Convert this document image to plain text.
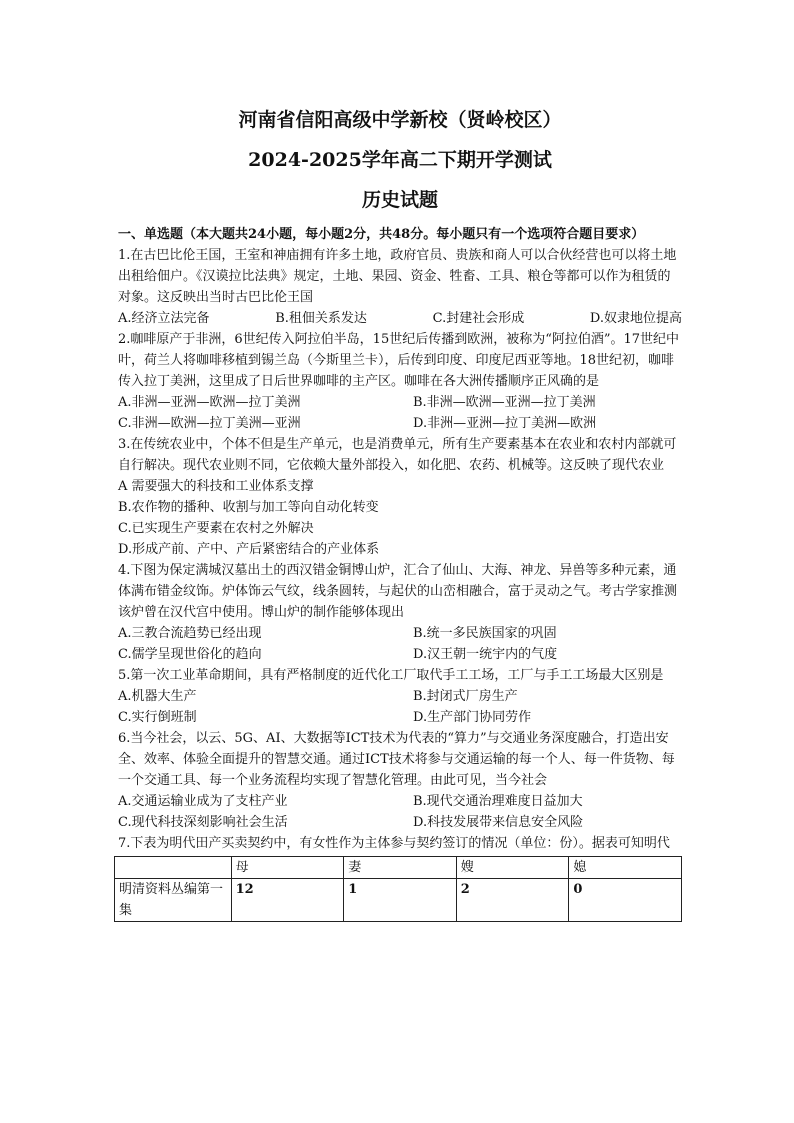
河南省信阳高级中学新校（贤岭校区）
2024-2025学年高二下期开学测试
历史试题
一、单选题（本大题共24小题，每小题2分，共48分。每小题只有一个选项符合题目要求）
1.在古巴比伦王国，王室和神庙拥有许多土地，政府官员、贵族和商人可以合伙经营也可以将土地出租给佃户。《汉谟拉比法典》规定，土地、果园、资金、牲畜、工具、粮仓等都可以作为租赁的对象。这反映出当时古巴比伦王国
A.经济立法完备	B.租佃关系发达	C.封建社会形成	D.奴隶地位提高
2.咖啡原产于非洲，6世纪传入阿拉伯半岛，15世纪后传播到欧洲，被称为“阿拉伯酒”。17世纪中叶，荷兰人将咖啡移植到锡兰岛（今斯里兰卡），后传到印度、印度尼西亚等地。18世纪初，咖啡传入拉丁美洲，这里成了日后世界咖啡的主产区。咖啡在各大洲传播顺序正风确的是
A.非洲—亚洲—欧洲—拉丁美洲	B.非洲—欧洲—亚洲—拉丁美洲
C.非洲—欧洲—拉丁美洲—亚洲	D.非洲—亚洲—拉丁美洲—欧洲
3.在传统农业中，个体不但是生产单元，也是消费单元，所有生产要素基本在农业和农村内部就可自行解决。现代农业则不同，它依赖大量外部投入，如化肥、农药、机械等。这反映了现代农业
A 需要强大的科技和工业体系支撑
B.农作物的播种、收割与加工等向自动化转变
C.已实现生产要素在农村之外解决
D.形成产前、产中、产后紧密结合的产业体系
4.下图为保定满城汉墓出土的西汉错金铜博山炉，汇合了仙山、大海、神龙、异兽等多种元素，通体满布错金纹饰。炉体饰云气纹，线条圆转，与起伏的山峦相融合，富于灵动之气。考古学家推测该炉曾在汉代宫中使用。博山炉的制作能够体现出
A.三教合流趋势已经出现	B.统一多民族国家的巩固
C.儒学呈现世俗化的趋向	D.汉王朝一统宇内的气度
5.第一次工业革命期间，具有严格制度的近代化工厂取代手工工场，工厂与手工工场最大区别是
A.机器大生产	B.封闭式厂房生产
C.实行倒班制	D.生产部门协同劳作
6.当今社会，以云、5G、AI、大数据等ICT技术为代表的“算力”与交通业务深度融合，打造出安全、效率、体验全面提升的智慧交通。通过ICT技术将参与交通运输的每一个人、每一件货物、每一个交通工具、每一个业务流程均实现了智慧化管理。由此可见，当今社会
A.交通运输业成为了支柱产业	B.现代交通治理难度日益加大
C.现代科技深刻影响社会生活	D.科技发展带来信息安全风险
7.下表为明代田产买卖契约中，有女性作为主体参与契约签订的情况（单位：份）。据表可知明代
	母	妻	嫂	媳
明清资料丛编第一集	12	1	2	0
